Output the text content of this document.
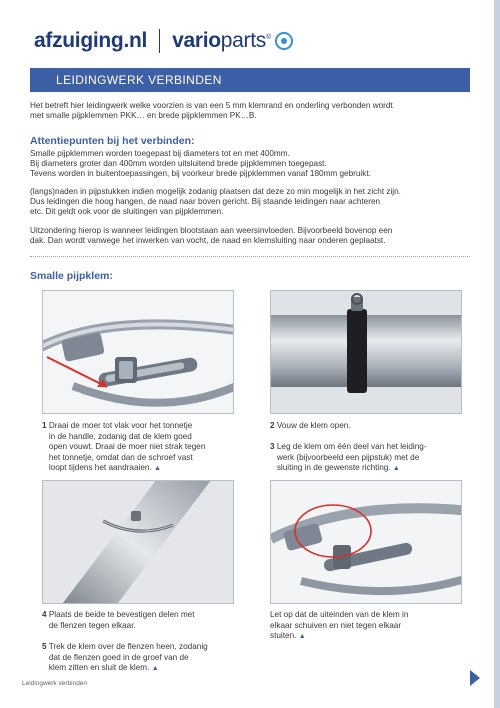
afzuiging.nl varioparts®
LEIDINGWERK VERBINDEN

Het betreft hier leidingwerk welke voorzien is van een 5 mm klemrand en onderling verbonden wordt

met smalle pijpklemmen PKK… en brede pijpklemmen PK…B.

Attentiepunten bij het verbinden:

Smalle pijpklemmen worden toegepast bij diameters tot en met 400mm.

Bij diameters groter dan 400mm worden uitsluitend brede pijpklemmen toegepast.

Tevens worden in buitentoepassingen, bij voorkeur brede pijpklemmen vanaf 180mm gebruikt.

(langs)naden in pijpstukken indien mogelijk zodanig plaatsen dat deze zo min mogelijk in het zicht zijn.

Dus leidingen die hoog hangen, de naad naar boven gericht. Bij staande leidingen naar achteren

etc. Dit geldt ook voor de sluitingen van pijpklemmen.

Uitzondering hierop is wanneer leidingen blootstaan aan weersinvloeden. Bijvoorbeeld bovenop een

dak. Dan wordt vanwege het inwerken van vocht, de naad en klemsluiting naar onderen geplaatst.

Smalle pijpklem:

1 Draai de moer tot vlak voor het tonnetje
in de handle, zodanig dat de klem goed
open vouwt. Draai de moer niet strak tegen
het tonnetje, omdat dan de schroef vast
loopt tijdens het aandraaien. ▲

2 Vouw de klem open.

3 Leg de klem om één deel van het leiding-
werk (bijvoorbeeld een pijpstuk) met de
sluiting in de gewenste richting. ▲

4 Plaats de beide te bevestigen delen met
de flenzen tegen elkaar.

5 Trek de klem over de flenzen heen, zodanig
dat de flenzen goed in de groef van de
klem zitten en sluit de klem. ▲

Let op dat de uiteinden van de klem in
elkaar schuiven en niet tegen elkaar
stuiten. ▲

Leidingwerk verbinden
